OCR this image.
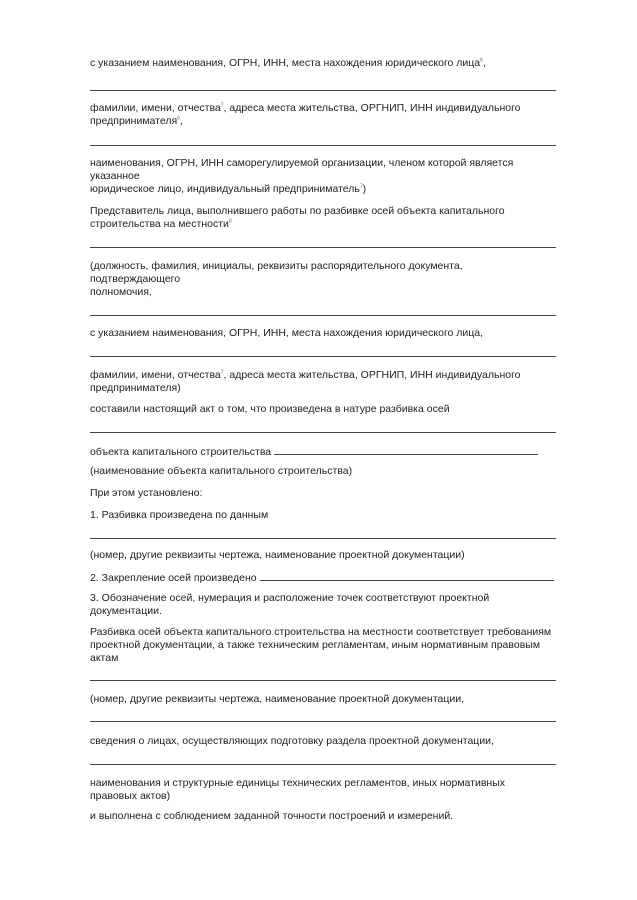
с указанием наименования, ОГРН, ИНН, места нахождения юридического лица$^6$,
фамилии, имени, отчества$^7$, адреса места жительства, ОРГНИП, ИНН индивидуального
предпринимателя$^6$,
наименования, ОГРН, ИНН саморегулируемой организации, членом которой является
указанное
юридическое лицо, индивидуальный предприниматель$^7$)
Представитель лица, выполнившего работы по разбивке осей объекта капитального
строительства на местности$^8$
(должность, фамилия, инициалы, реквизиты распорядительного документа,
подтверждающего
полномочия,
с указанием наименования, ОГРН, ИНН, места нахождения юридического лица,
фамилии, имени, отчества$^7$, адреса места жительства, ОРГНИП, ИНН индивидуального
предпринимателя)
составили настоящий акт о том, что произведена в натуре разбивка осей
объекта капитального строительства
(наименование объекта капитального строительства)
При этом установлено:
1. Разбивка произведена по данным
(номер, другие реквизиты чертежа, наименование проектной документации)
2. Закрепление осей произведено
3. Обозначение осей, нумерация и расположение точек соответствуют проектной
документации.
Разбивка осей объекта капитального строительства на местности соответствует требованиям
проектной документации, а также техническим регламентам, иным нормативным правовым
актам
(номер, другие реквизиты чертежа, наименование проектной документации,
сведения о лицах, осуществляющих подготовку раздела проектной документации,
наименования и структурные единицы технических регламентов, иных нормативных
правовых актов)
и выполнена с соблюдением заданной точности построений и измерений.
